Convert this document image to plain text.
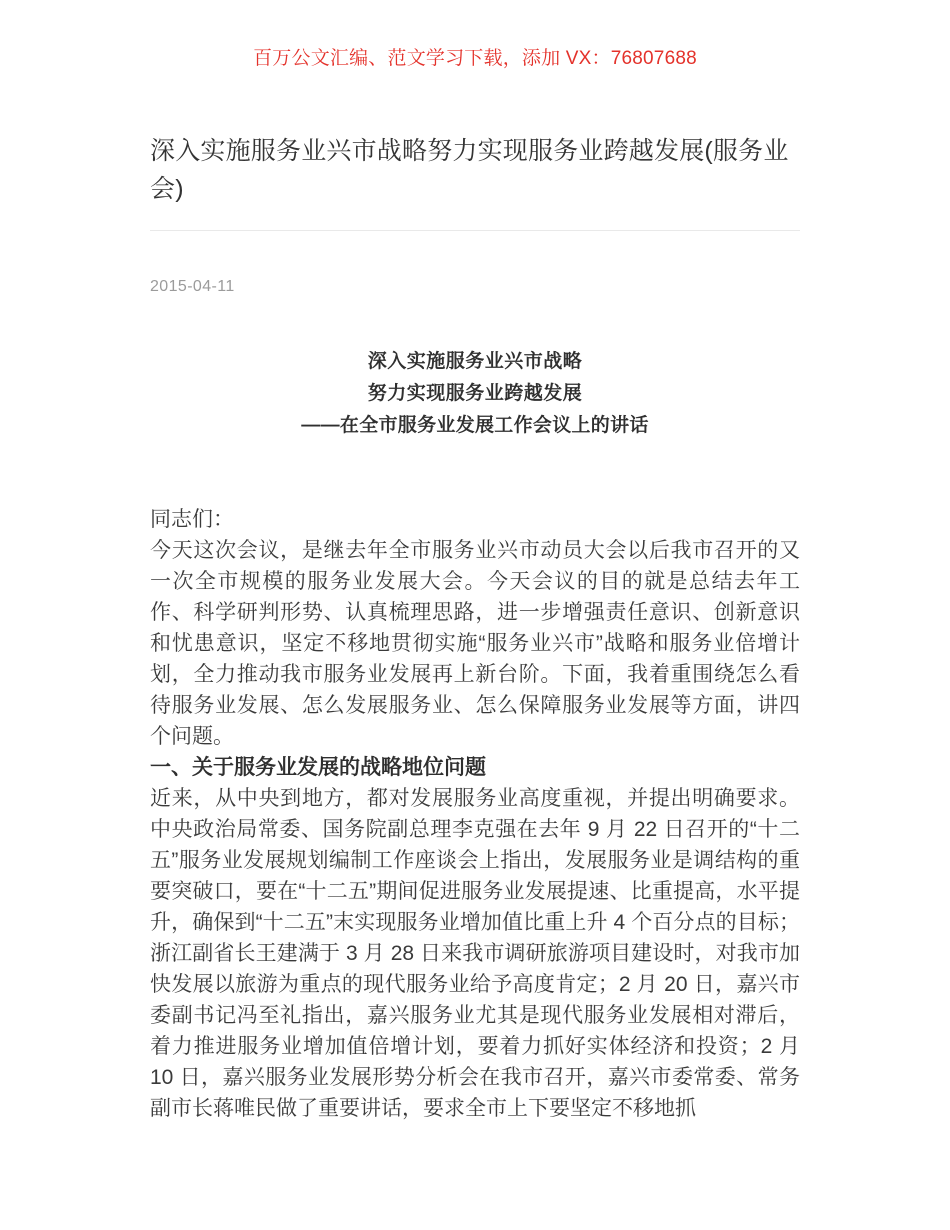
百万公文汇编、范文学习下载，添加 VX：76807688
深入实施服务业兴市战略努力实现服务业跨越发展(服务业会)
2015-04-11
深入实施服务业兴市战略
努力实现服务业跨越发展
——在全市服务业发展工作会议上的讲话

同志们：

今天这次会议，是继去年全市服务业兴市动员大会以后我市召开的又一次全市规模的服务业发展大会。今天会议的目的就是总结去年工作、科学研判形势、认真梳理思路，进一步增强责任意识、创新意识和忧患意识，坚定不移地贯彻实施“服务业兴市”战略和服务业倍增计划，全力推动我市服务业发展再上新台阶。下面，我着重围绕怎么看待服务业发展、怎么发展服务业、怎么保障服务业发展等方面，讲四个问题。

一、关于服务业发展的战略地位问题

近来，从中央到地方，都对发展服务业高度重视，并提出明确要求。中央政治局常委、国务院副总理李克强在去年 9 月 22 日召开的“十二五”服务业发展规划编制工作座谈会上指出，发展服务业是调结构的重要突破口，要在“十二五”期间促进服务业发展提速、比重提高，水平提升，确保到“十二五”末实现服务业增加值比重上升 4 个百分点的目标；浙江副省长王建满于 3 月 28 日来我市调研旅游项目建设时，对我市加快发展以旅游为重点的现代服务业给予高度肯定；2 月 20 日，嘉兴市委副书记冯至礼指出，嘉兴服务业尤其是现代服务业发展相对滞后，着力推进服务业增加值倍增计划，要着力抓好实体经济和投资；2 月 10 日，嘉兴服务业发展形势分析会在我市召开，嘉兴市委常委、常务副市长蒋唯民做了重要讲话，要求全市上下要坚定不移地抓
